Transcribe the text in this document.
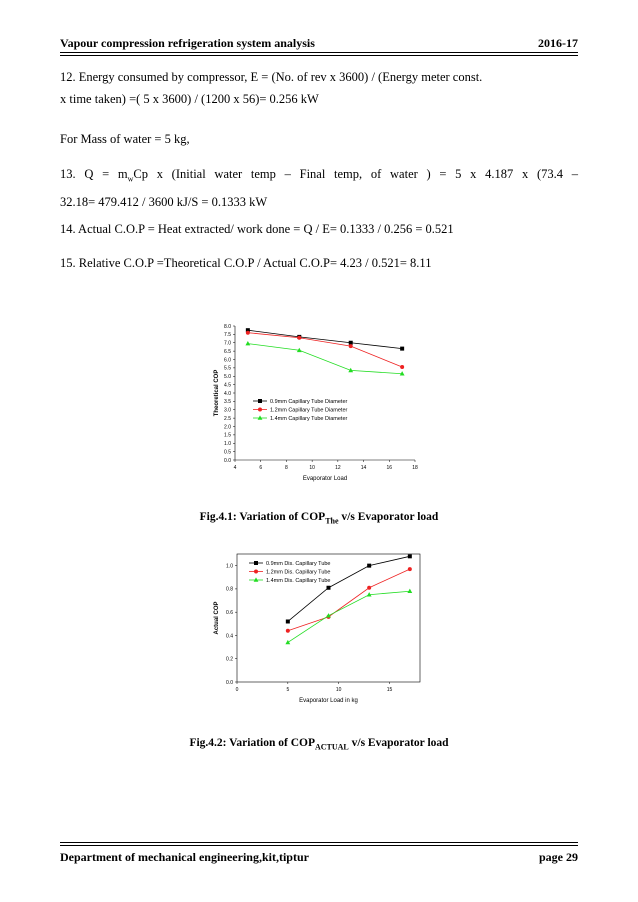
Vapour compression refrigeration system analysis	2016-17
12. Energy consumed by compressor, E = (No. of rev x 3600) / (Energy meter const.
x time taken) =( 5 x 3600) / (1200 x 56)= 0.256 kW
For Mass of water = 5 kg,
13. $Q = m_wCp$ x (Initial water temp – Final temp, of water ) = 5 x 4.187 x (73.4 –
32.18= 479.412 / 3600 kJ/S = 0.1333 kW
14. Actual C.O.P = Heat extracted/ work done = Q / E= 0.1333 / 0.256 = 0.521
15. Relative C.O.P =Theoretical C.O.P / Actual C.O.P= 4.23 / 0.521= 8.11
0.0
0.5
1.0
1.5
2.0
2.5
3.0
3.5
4.0
4.5
5.0
5.5
6.0
6.5
7.0
7.5
8.0
4	6	8	10	12	14	16	18
Evaporator Load
Theoretical COP	0.9mm Capillary Tube Diameter
1.2mm Capillary Tube Diameter
1.4mm Capillary Tube Diameter
Fig.4.1: Variation of $COP_{The}$ v/s Evaporator load
0.0
0.2
0.4
0.6
0.8
1.0
0	5	10	15
Evaporator Load in kg
Actual COP
0.9mm Dis. Capillary Tube
1.2mm Dis. Capillary Tube
1.4mm Dis. Capillary Tube
Fig.4.2: Variation of $COP_{ACTUAL}$ v/s Evaporator load
Department of mechanical engineering,kit,tiptur	page 29
